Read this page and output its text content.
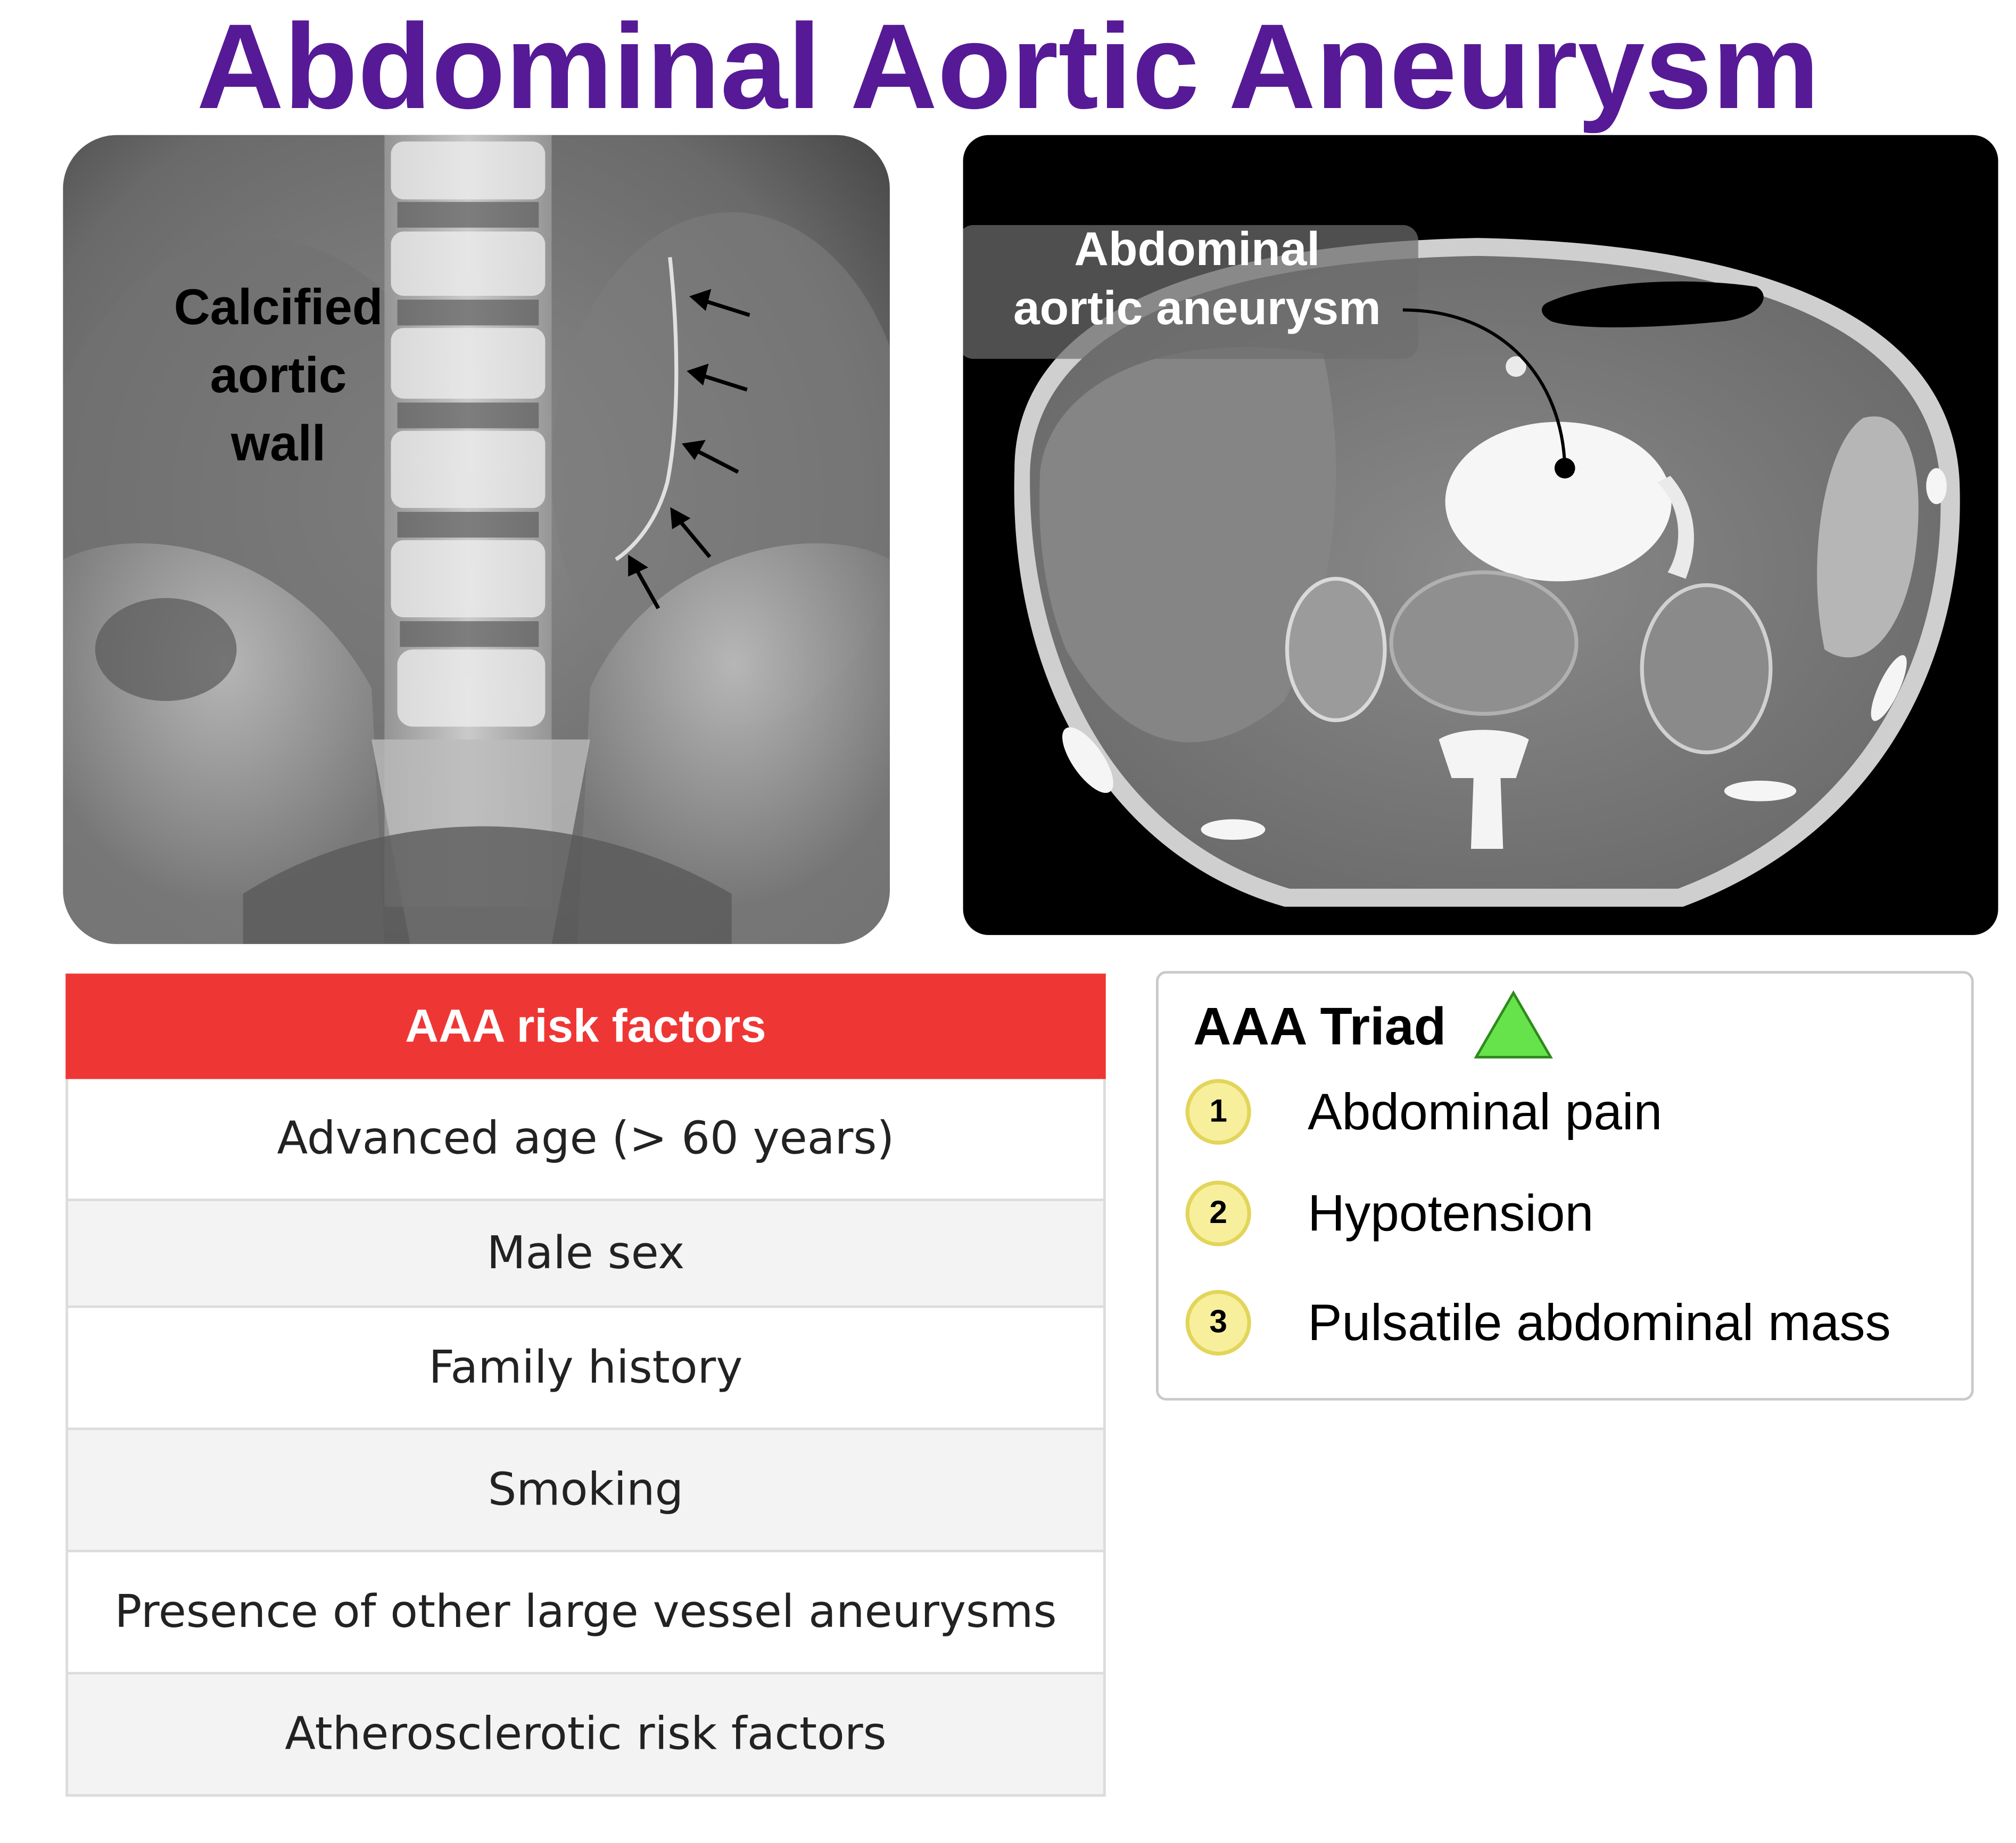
Abdominal Aortic Aneurysm
Calcified
aortic
wall
Abdominal
aortic aneurysm
AAA risk factors
Advanced age (> 60 years)
Male sex
Family history
Smoking
Presence of other large vessel aneurysms
Atherosclerotic risk factors
AAA Triad
1	Abdominal pain
2	Hypotension
3	Pulsatile abdominal mass
